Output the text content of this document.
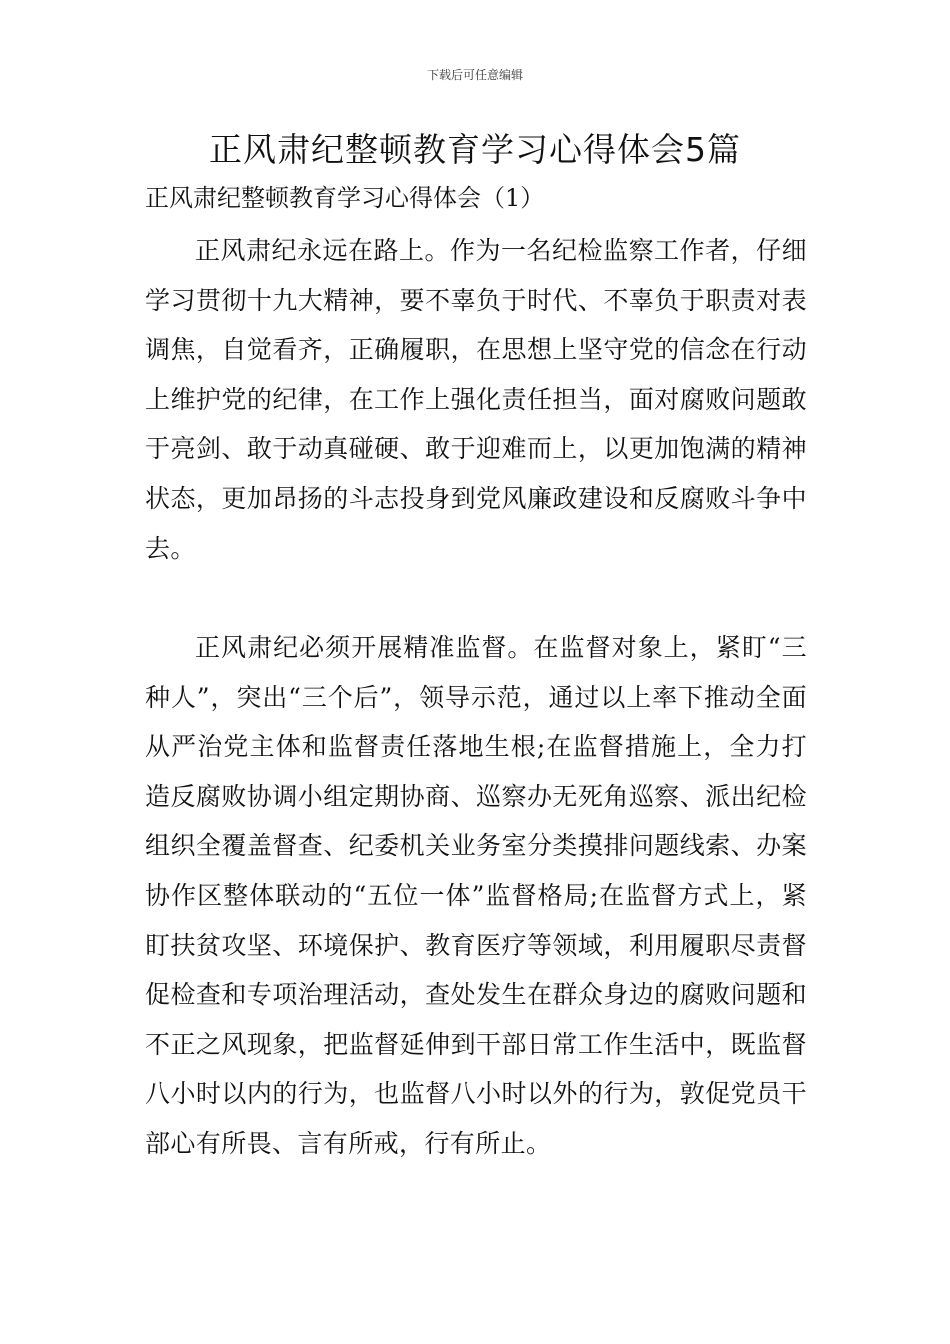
下载后可任意编辑
正风肃纪整顿教育学习心得体会5篇
正风肃纪整顿教育学习心得体会（1）

正风肃纪永远在路上。作为一名纪检监察工作者，仔细学习贯彻十九大精神，要不辜负于时代、不辜负于职责对表调焦，自觉看齐，正确履职，在思想上坚守党的信念在行动上维护党的纪律，在工作上强化责任担当，面对腐败问题敢于亮剑、敢于动真碰硬、敢于迎难而上，以更加饱满的精神状态，更加昂扬的斗志投身到党风廉政建设和反腐败斗争中去。

正风肃纪必须开展精准监督。在监督对象上，紧盯“三种人”，突出“三个后”，领导示范，通过以上率下推动全面从严治党主体和监督责任落地生根;在监督措施上，全力打造反腐败协调小组定期协商、巡察办无死角巡察、派出纪检组织全覆盖督查、纪委机关业务室分类摸排问题线索、办案协作区整体联动的“五位一体”监督格局;在监督方式上，紧盯扶贫攻坚、环境保护、教育医疗等领域，利用履职尽责督促检查和专项治理活动，查处发生在群众身边的腐败问题和不正之风现象，把监督延伸到干部日常工作生活中，既监督八小时以内的行为，也监督八小时以外的行为，敦促党员干部心有所畏、言有所戒，行有所止。
